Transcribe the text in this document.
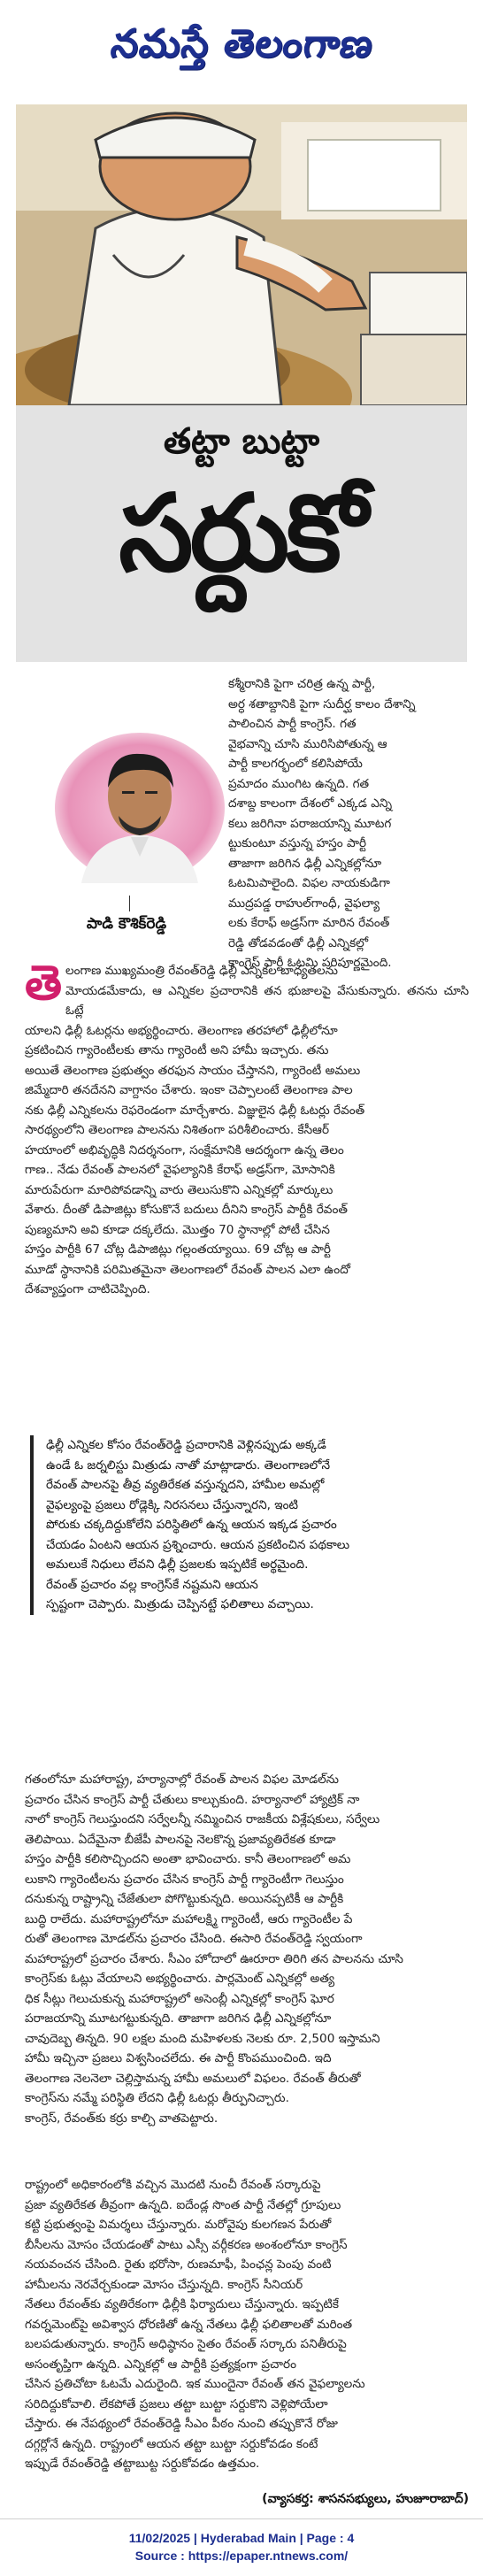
నమస్తే తెలంగాణ
తట్టా బుట్టా
సర్దుకో

కశ్మీరానికి పైగా చరిత్ర ఉన్న పార్టీ,
అర్ధ శతాబ్దానికి పైగా సుదీర్ఘ కాలం దేశాన్ని
పాలించిన పార్టీ కాంగ్రెస్‌. గత
వైభవాన్ని చూసి మురిసిపోతున్న ఆ
పార్టీ కాలగర్భంలో కలిసిపోయే
ప్రమాదం ముంగిట ఉన్నది. గత
దశాబ్ద కాలంగా దేశంలో ఎక్కడ ఎన్ని
కలు జరిగినా పరాజయాన్ని మూటగ
ట్టుకుంటూ వస్తున్న హస్తం పార్టీ
తాజాగా జరిగిన ఢిల్లీ ఎన్నికల్లోనూ
ఓటమిపాలైంది. విఫల నాయకుడిగా
ముద్రపడ్డ రాహుల్‌గాంధీ, వైఫల్యా
లకు కేరాఫ్‌ అడ్రస్‌గా మారిన రేవంత్‌
రెడ్డి తోడవడంతో ఢిల్లీ ఎన్నికల్లో
కాంగ్రెస్‌ పార్టీ ఓటమి పరిపూర్ణమైంది.

పాడి కౌశిక్‌రెడ్డి
తె లంగాణ ముఖ్యమంత్రి రేవంత్‌రెడ్డి ఢిల్లీ ఎన్నికల బాధ్యతలను
మోయడమేకాదు, ఆ ఎన్నికల ప్రచారానికి తన భుజాలపై వేసుకున్నారు. తనను చూసి ఓట్లే
యాలని ఢిల్లీ ఓటర్లను అభ్యర్థించారు. తెలంగాణ తరహాలో ఢిల్లీలోనూ
ప్రకటించిన గ్యారెంటీలకు తాను గ్యారెంటీ అని హామీ ఇచ్చారు. తను
అయితే తెలంగాణ ప్రభుత్వం తరఫున సాయం చేస్తానని, గ్యారెంటీ అమలు
జిమ్మేదారి తనదేనని వాగ్దానం చేశారు. ఇంకా చెప్పాలంటే తెలంగాణ పాల
నకు ఢిల్లీ ఎన్నికలను రెఫరెండంగా మార్చేశారు. విజ్ఞులైన ఢిల్లీ ఓటర్లు రేవంత్‌
సారథ్యంలోని తెలంగాణ పాలనను నిశితంగా పరిశీలించారు. కేసీఆర్‌
హయాంలో అభివృద్ధికి నిదర్శనంగా, సంక్షేమానికి ఆదర్శంగా ఉన్న తెలం
గాణ.. నేడు రేవంత్‌ పాలనలో వైఫల్యానికి కేరాఫ్‌ అడ్రస్‌గా, మోసానికి
మారుపేరుగా మారిపోవడాన్ని వారు తెలుసుకొని ఎన్నికల్లో మార్కులు
వేశారు. దీంతో డిపాజిట్లు కోసుకొనే బదులు దీనిని కాంగ్రెస్‌ పార్టీకి రేవంత్‌
పుణ్యమాని అవి కూడా దక్కలేదు. మొత్తం 70 స్థానాల్లో పోటీ చేసిన
హస్తం పార్టీకి 67 చోట్ల డిపాజిట్లు గల్లంతయ్యాయి. 69 చోట్ల ఆ పార్టీ
మూడో స్థానానికి పరిమితమైనా తెలంగాణలో రేవంత్‌ పాలన ఎలా ఉందో
దేశవ్యాప్తంగా చాటిచెప్పింది.

ఢిల్లీ ఎన్నికల కోసం రేవంత్‌రెడ్డి ప్రచారానికి వెళ్లినప్పుడు అక్కడే
ఉండే ఓ జర్నలిస్టు మిత్రుడు నాతో మాట్లాడారు. తెలంగాణలోనే
రేవంత్‌ పాలనపై తీవ్ర వ్యతిరేకత వస్తున్నదని, హామీల అమల్లో
వైఫల్యంపై ప్రజలు రోడ్లెక్కి నిరసనలు చేస్తున్నారని, ఇంటి
పోరుకు చక్కదిద్దుకోలేని పరిస్థితిలో ఉన్న ఆయన ఇక్కడ ప్రచారం
చేయడం ఏంటని ఆయన ప్రశ్నించారు. ఆయన ప్రకటించిన పథకాలు
అమలుకే నిధులు లేవని ఢిల్లీ ప్రజలకు ఇప్పటికే అర్థమైంది.
రేవంత్‌ ప్రచారం వల్ల కాంగ్రెస్‌కే నష్టమని ఆయన
స్పష్టంగా చెప్పారు. మిత్రుడు చెప్పినట్టే ఫలితాలు వచ్చాయి.

గతంలోనూ మహారాష్ట్ర, హర్యానాల్లో రేవంత్‌ పాలన విఫల మోడల్‌ను
ప్రచారం చేసిన కాంగ్రెస్‌ పార్టీ చేతులు కాల్చుకుంది. హర్యానాలో హ్యాట్రిక్‌ నా
నాలో కాంగ్రెస్‌ గెలుస్తుందని సర్వేలన్నీ నమ్మించిన రాజకీయ విశ్లేషకులు, సర్వేలు
తెలిపాయి. ఏదేమైనా బీజేపీ పాలనపై నెలకొన్న ప్రజావ్యతిరేకత కూడా
హస్తం పార్టీకి కలిసొచ్చిందని అంతా భావించారు. కానీ తెలంగాణలో అమ
లుకాని గ్యారెంటీలను ప్రచారం చేసిన కాంగ్రెస్‌ పార్టీ గ్యారెంటీగా గెలుస్తుం
దనుకున్న రాష్ట్రాన్ని చేజేతులా పోగొట్టుకున్నది. అయినప్పటికీ ఆ పార్టీకి
బుద్ధి రాలేదు. మహారాష్ట్రలోనూ మహాలక్ష్మి గ్యారెంటీ, ఆరు గ్యారెంటీల పే
రుతో తెలంగాణ మోడల్‌ను ప్రచారం చేసింది. ఈసారి రేవంత్‌రెడ్డి స్వయంగా
మహారాష్ట్రలో ప్రచారం చేశారు. సీఎం హోదాలో ఊరూరా తిరిగి తన పాలనను చూసి
కాంగ్రెస్‌కు ఓట్లు వేయాలని అభ్యర్థించారు. పార్లమెంట్‌ ఎన్నికల్లో అత్య
ధిక సీట్లు గెలుచుకున్న మహారాష్ట్రలో అసెంబ్లీ ఎన్నికల్లో కాంగ్రెస్‌ ఘోర
పరాజయాన్ని మూటగట్టుకున్నది. తాజాగా జరిగిన ఢిల్లీ ఎన్నికల్లోనూ
చావుదెబ్బ తిన్నది. 90 లక్షల మంది మహిళలకు నెలకు రూ. 2,500 ఇస్తామని
హామీ ఇచ్చినా ప్రజలు విశ్వసించలేదు. ఈ పార్టీ కొంపముంచింది. ఇది
తెలంగాణ నెలనెలా చెల్లిస్తామన్న హామీ అమలులో విఫలం. రేవంత్‌ తీరుతో
కాంగ్రెస్‌ను నమ్మే పరిస్థితి లేదని ఢిల్లీ ఓటర్లు తీర్పునిచ్చారు.
కాంగ్రెస్‌, రేవంత్‌కు కర్రు కాల్చి వాతపెట్టారు.

రాష్ట్రంలో అధికారంలోకి వచ్చిన మొదటి నుంచీ రేవంత్‌ సర్కారుపై
ప్రజా వ్యతిరేకత తీవ్రంగా ఉన్నది. ఐదేండ్ల సొంత పార్టీ నేతల్లో గ్రూపులు
కట్టి ప్రభుత్వంపై విమర్శలు చేస్తున్నారు. మరోవైపు కులగణన పేరుతో
బీసీలను మోసం చేయడంతో పాటు ఎస్సీ వర్గీకరణ అంశంలోనూ కాంగ్రెస్‌
నయవంచన చేసింది. రైతు భరోసా, రుణమాఫీ, పింఛన్ల పెంపు వంటి
హామీలను నెరవేర్చకుండా మోసం చేస్తున్నది. కాంగ్రెస్‌ సీనియర్‌
నేతలు రేవంత్‌కు వ్యతిరేకంగా ఢిల్లీకి ఫిర్యాదులు చేస్తున్నారు. ఇప్పటికే
గవర్నమెంట్‌పై అవిశ్వాస ధోరణితో ఉన్న నేతలు ఢిల్లీ ఫలితాలతో మరింత
బలపడుతున్నారు. కాంగ్రెస్‌ అధిష్ఠానం సైతం రేవంత్‌ సర్కారు పనితీరుపై
అసంతృప్తిగా ఉన్నది. ఎన్నికల్లో ఆ పార్టీకి ప్రత్యక్షంగా ప్రచారం
చేసిన ప్రతిచోటా ఓటమే ఎదురైంది. ఇక ముందైనా రేవంత్‌ తన వైఫల్యాలను
సరిదిద్దుకోవాలి. లేకపోతే ప్రజలు తట్టా బుట్టా సర్దుకొని వెళ్లిపోయేలా
చేస్తారు. ఈ నేపథ్యంలో రేవంత్‌రెడ్డి సీఎం పీఠం నుంచి తప్పుకొనే రోజు
దగ్గర్లోనే ఉన్నది. రాష్ట్రంలో ఆయన తట్టా బుట్టా సర్దుకోవడం కంటే
ఇప్పుడే రేవంత్‌రెడ్డి తట్టాబుట్ట సర్దుకోవడం ఉత్తమం.

(వ్యాసకర్త: శాసనసభ్యులు, హుజూరాబాద్‌)
11/02/2025 | Hyderabad Main | Page : 4
Source : https://epaper.ntnews.com/
